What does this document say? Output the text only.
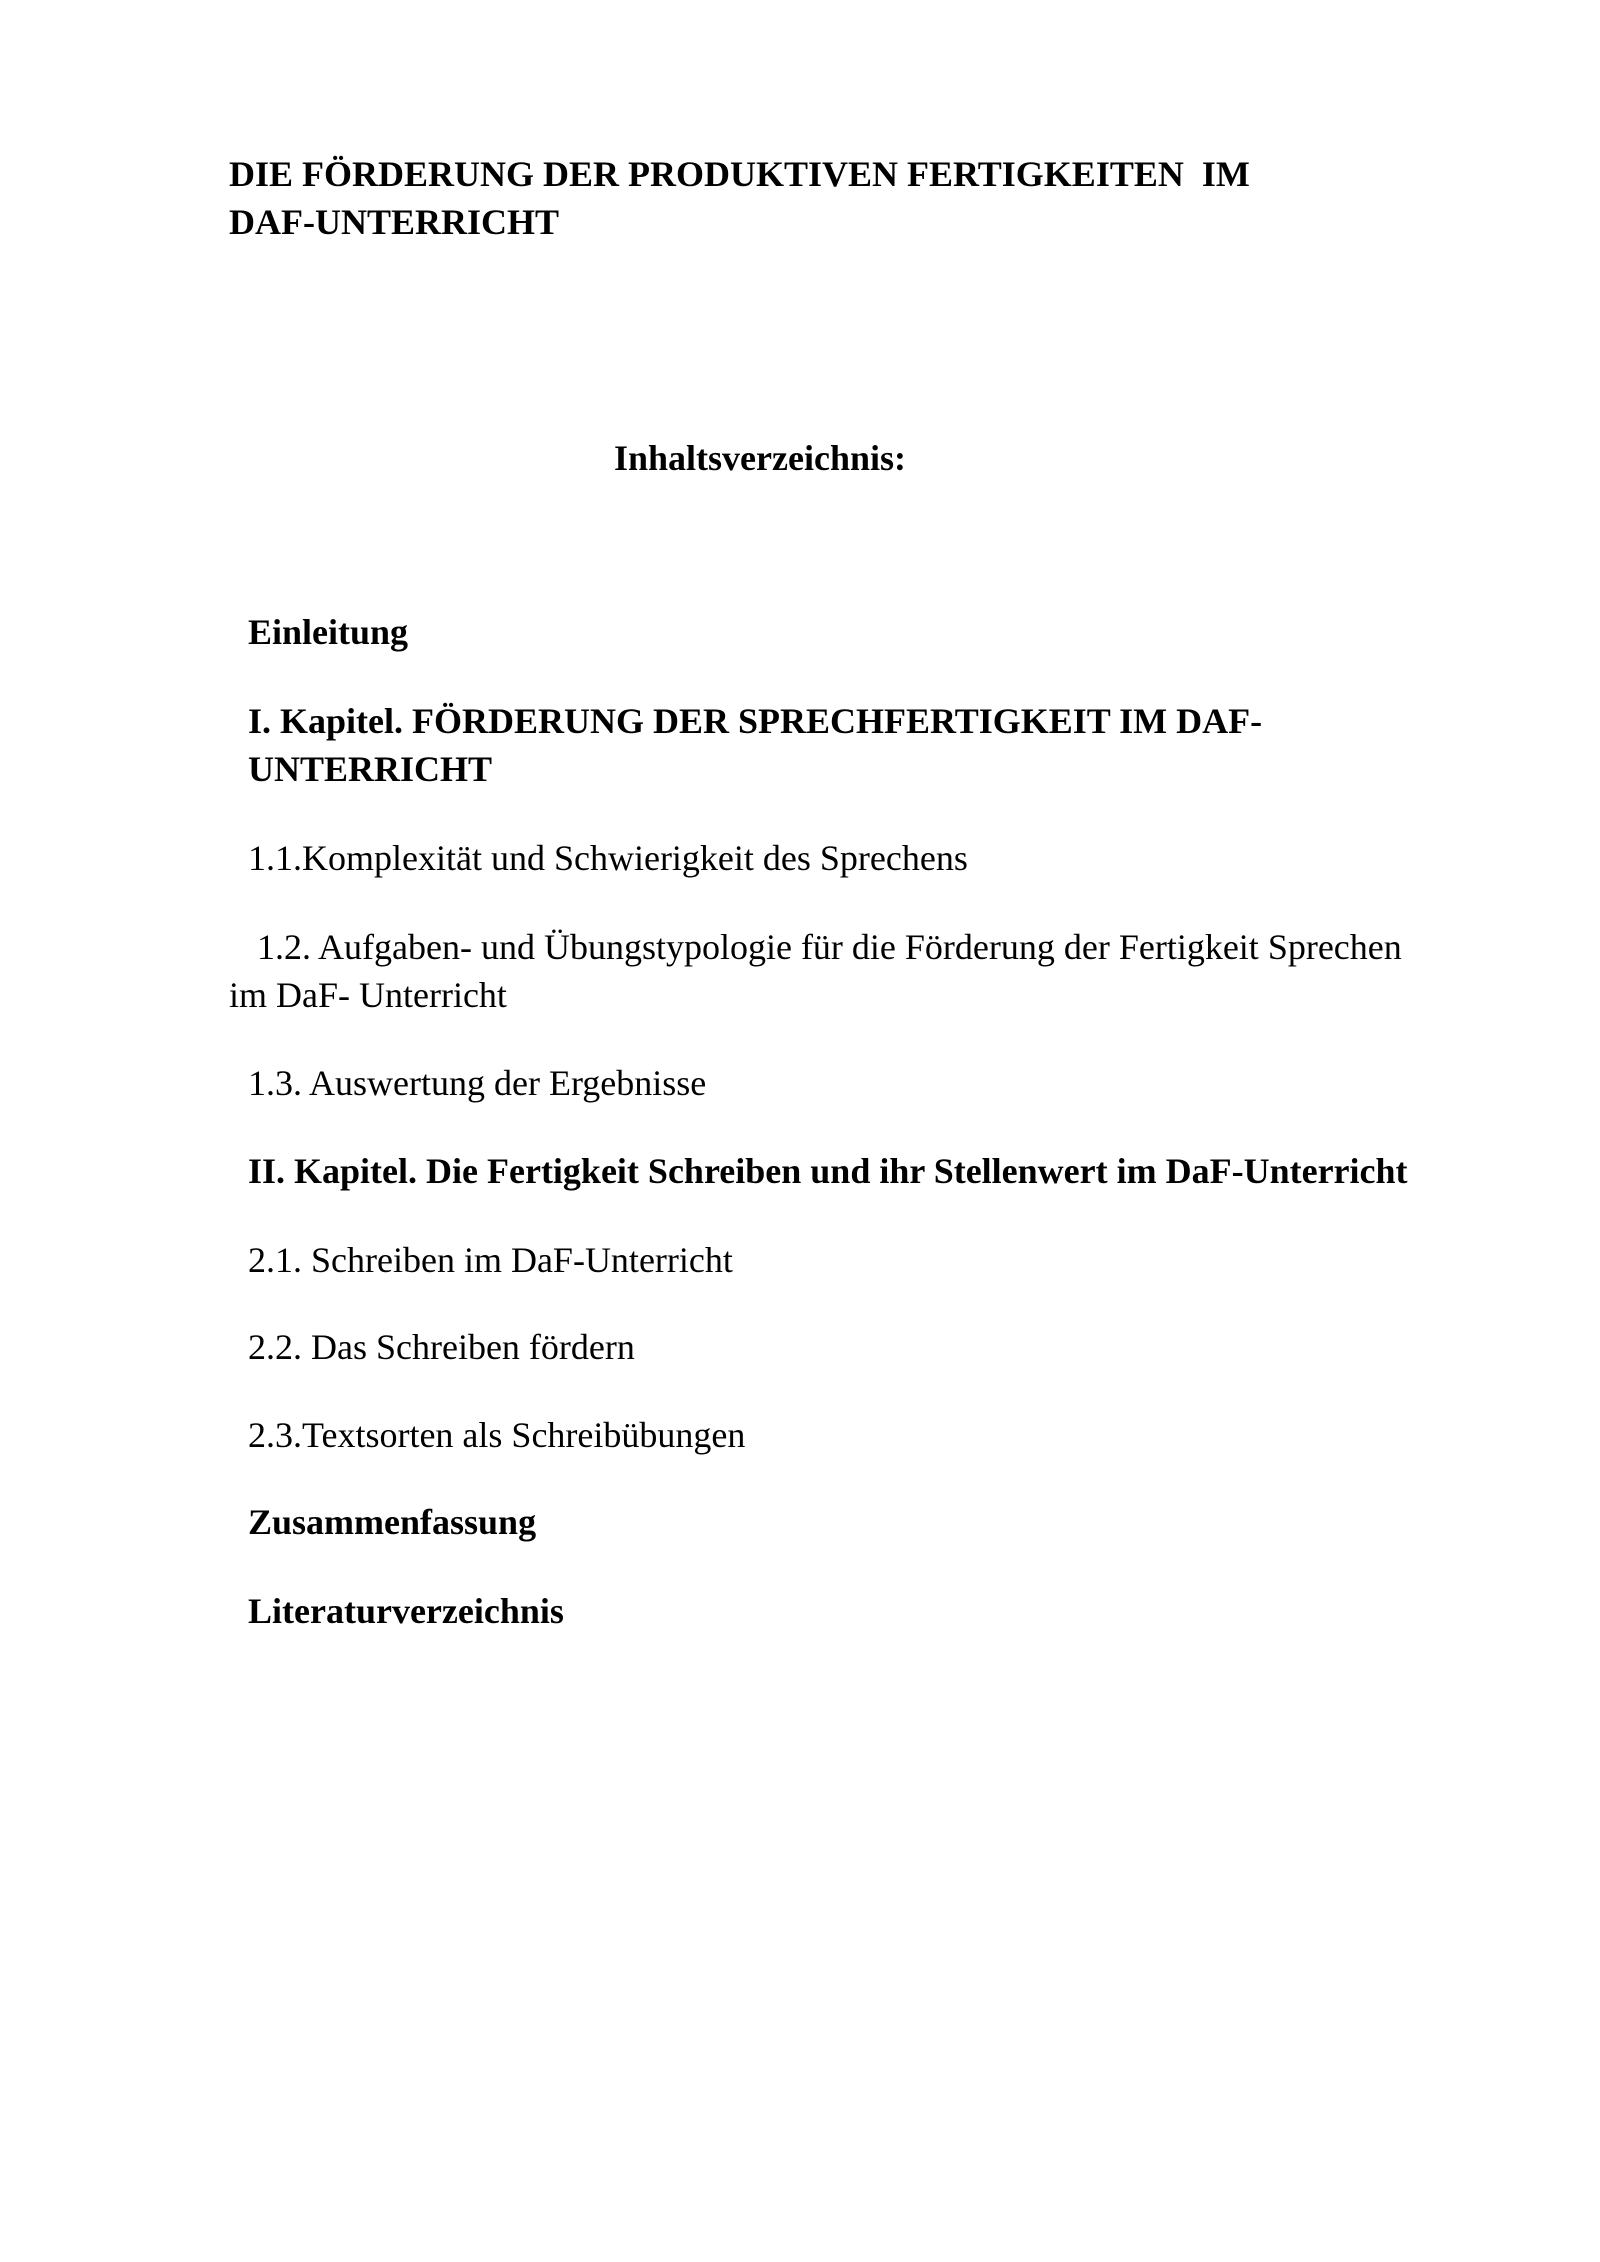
DIE FÖRDERUNG DER PRODUKTIVEN FERTIGKEITEN  IM
DAF-UNTERRICHT
Inhaltsverzeichnis:
Einleitung
I. Kapitel. FÖRDERUNG DER SPRECHFERTIGKEIT IM DAF-
UNTERRICHT
1.1.Komplexität und Schwierigkeit des Sprechens
1.2. Aufgaben- und Übungstypologie für die Förderung der Fertigkeit Sprechen
im DaF- Unterricht
1.3. Auswertung der Ergebnisse
II. Kapitel. Die Fertigkeit Schreiben und ihr Stellenwert im DaF-Unterricht
2.1. Schreiben im DaF-Unterricht
2.2. Das Schreiben fördern
2.3.Textsorten als Schreibübungen
Zusammenfassung
Literaturverzeichnis
